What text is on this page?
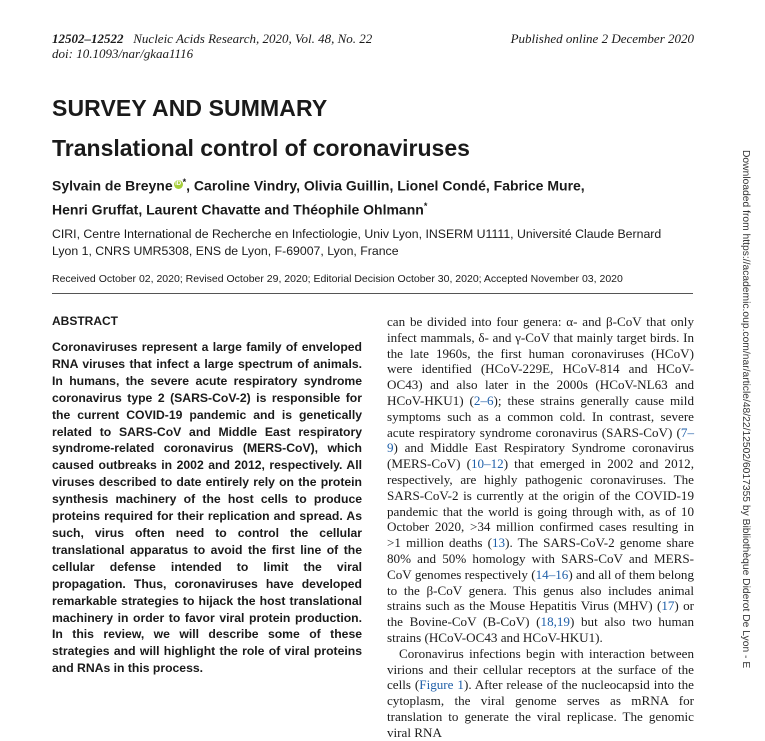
12502–12522 Nucleic Acids Research, 2020, Vol. 48, No. 22
doi: 10.1093/nar/gkaa1116
Published online 2 December 2020
SURVEY AND SUMMARY
Translational control of coronaviruses
Sylvain de Breyne iD *, Caroline Vindry, Olivia Guillin, Lionel Condé, Fabrice Mure,
Henri Gruffat, Laurent Chavatte and Théophile Ohlmann*
CIRI, Centre International de Recherche en Infectiologie, Univ Lyon, INSERM U1111, Université Claude Bernard Lyon 1, CNRS UMR5308, ENS de Lyon, F-69007, Lyon, France
Received October 02, 2020; Revised October 29, 2020; Editorial Decision October 30, 2020; Accepted November 03, 2020
ABSTRACT
Coronaviruses represent a large family of enveloped RNA viruses that infect a large spectrum of animals. In humans, the severe acute respiratory syndrome coronavirus type 2 (SARS-CoV-2) is responsible for the current COVID-19 pandemic and is genetically related to SARS-CoV and Middle East respiratory syndrome-related coronavirus (MERS-CoV), which caused outbreaks in 2002 and 2012, respectively. All viruses described to date entirely rely on the protein synthesis machinery of the host cells to produce proteins required for their replication and spread. As such, virus often need to control the cellular translational apparatus to avoid the first line of the cellular defense intended to limit the viral propagation. Thus, coronaviruses have developed remarkable strategies to hijack the host translational machinery in order to favor viral protein production. In this review, we will describe some of these strategies and will highlight the role of viral proteins and RNAs in this process.

can be divided into four genera: α- and β-CoV that only infect mammals, δ- and γ-CoV that mainly target birds. In the late 1960s, the first human coronaviruses (HCoV) were identified (HCoV-229E, HCoV-814 and HCoV-OC43) and also later in the 2000s (HCoV-NL63 and HCoV-HKU1) (2–6); these strains generally cause mild symptoms such as a common cold. In contrast, severe acute respiratory syndrome coronavirus (SARS-CoV) (7–9) and Middle East Respiratory Syndrome coronavirus (MERS-CoV) (10–12) that emerged in 2002 and 2012, respectively, are highly pathogenic coronaviruses. The SARS-CoV-2 is currently at the origin of the COVID-19 pandemic that the world is going through with, as of 10 October 2020, >34 million confirmed cases resulting in >1 million deaths (13). The SARS-CoV-2 genome share 80% and 50% homology with SARS-CoV and MERS-CoV genomes respectively (14–16) and all of them belong to the β-CoV genera. This genus also includes animal strains such as the Mouse Hepatitis Virus (MHV) (17) or the Bovine-CoV (B-CoV) (18,19) but also two human strains (HCoV-OC43 and HCoV-HKU1).

Coronavirus infections begin with interaction between virions and their cellular receptors at the surface of the cells (Figure 1). After release of the nucleocapsid into the cytoplasm, the viral genome serves as mRNA for translation to generate the viral replicase. The genomic viral RNA

Downloaded from https://academic.oup.com/nar/article/48/22/12502/6017355 by Bibliothèque Diderot De Lyon - E
